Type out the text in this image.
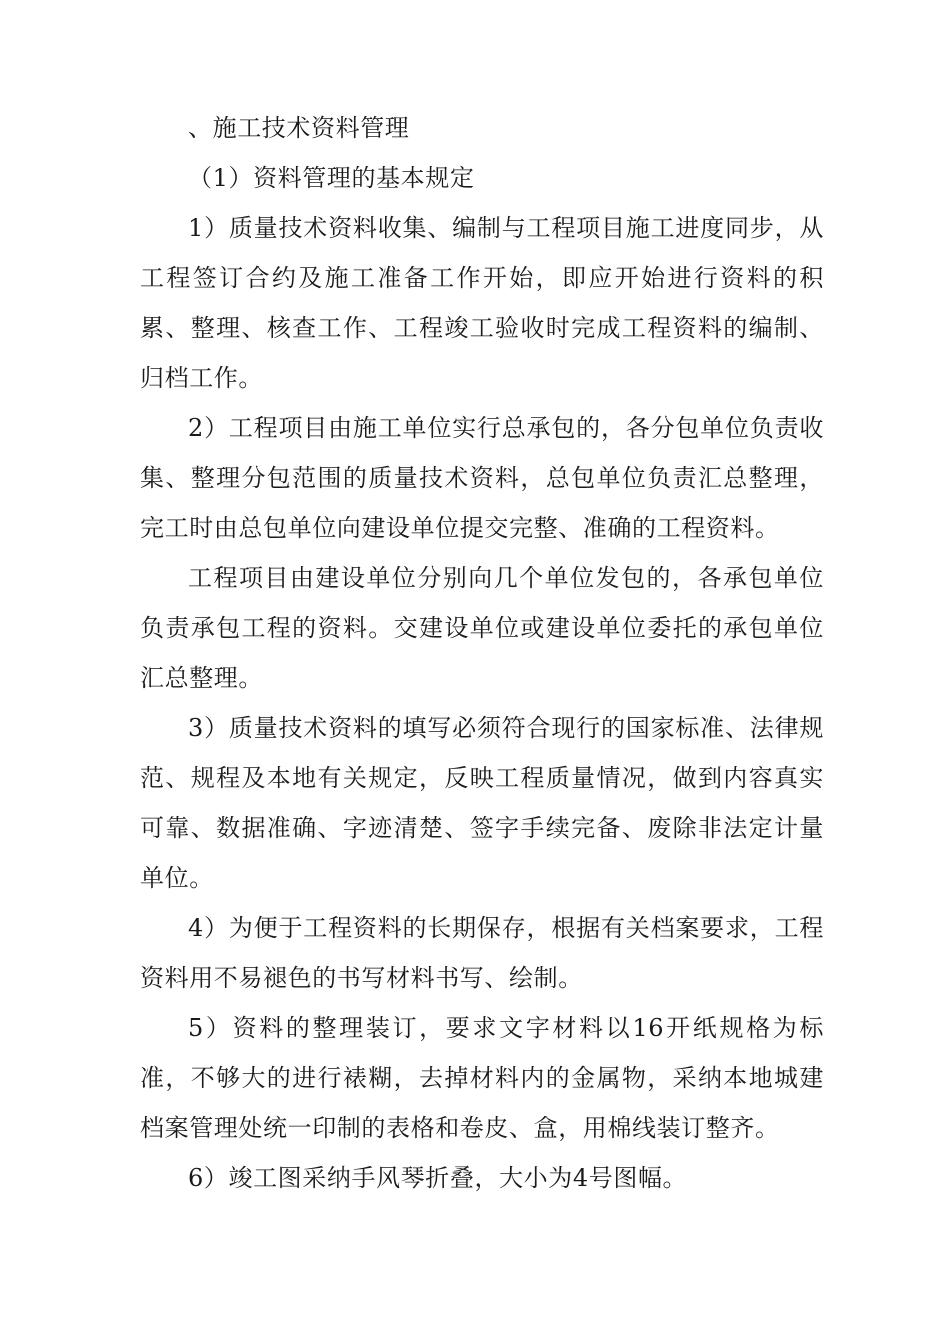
、施工技术资料管理

（1）资料管理的基本规定

1）质量技术资料收集、编制与工程项目施工进度同步，从工程签订合约及施工准备工作开始，即应开始进行资料的积累、整理、核查工作、工程竣工验收时完成工程资料的编制、归档工作。

2）工程项目由施工单位实行总承包的，各分包单位负责收集、整理分包范围的质量技术资料，总包单位负责汇总整理，完工时由总包单位向建设单位提交完整、准确的工程资料。

工程项目由建设单位分别向几个单位发包的，各承包单位负责承包工程的资料。交建设单位或建设单位委托的承包单位汇总整理。

3）质量技术资料的填写必须符合现行的国家标准、法律规范、规程及本地有关规定，反映工程质量情况，做到内容真实可靠、数据准确、字迹清楚、签字手续完备、废除非法定计量单位。

4）为便于工程资料的长期保存，根据有关档案要求，工程资料用不易褪色的书写材料书写、绘制。

5）资料的整理装订，要求文字材料以16开纸规格为标准，不够大的进行裱糊，去掉材料内的金属物，采纳本地城建档案管理处统一印制的表格和卷皮、盒，用棉线装订整齐。

6）竣工图采纳手风琴折叠，大小为4号图幅。
